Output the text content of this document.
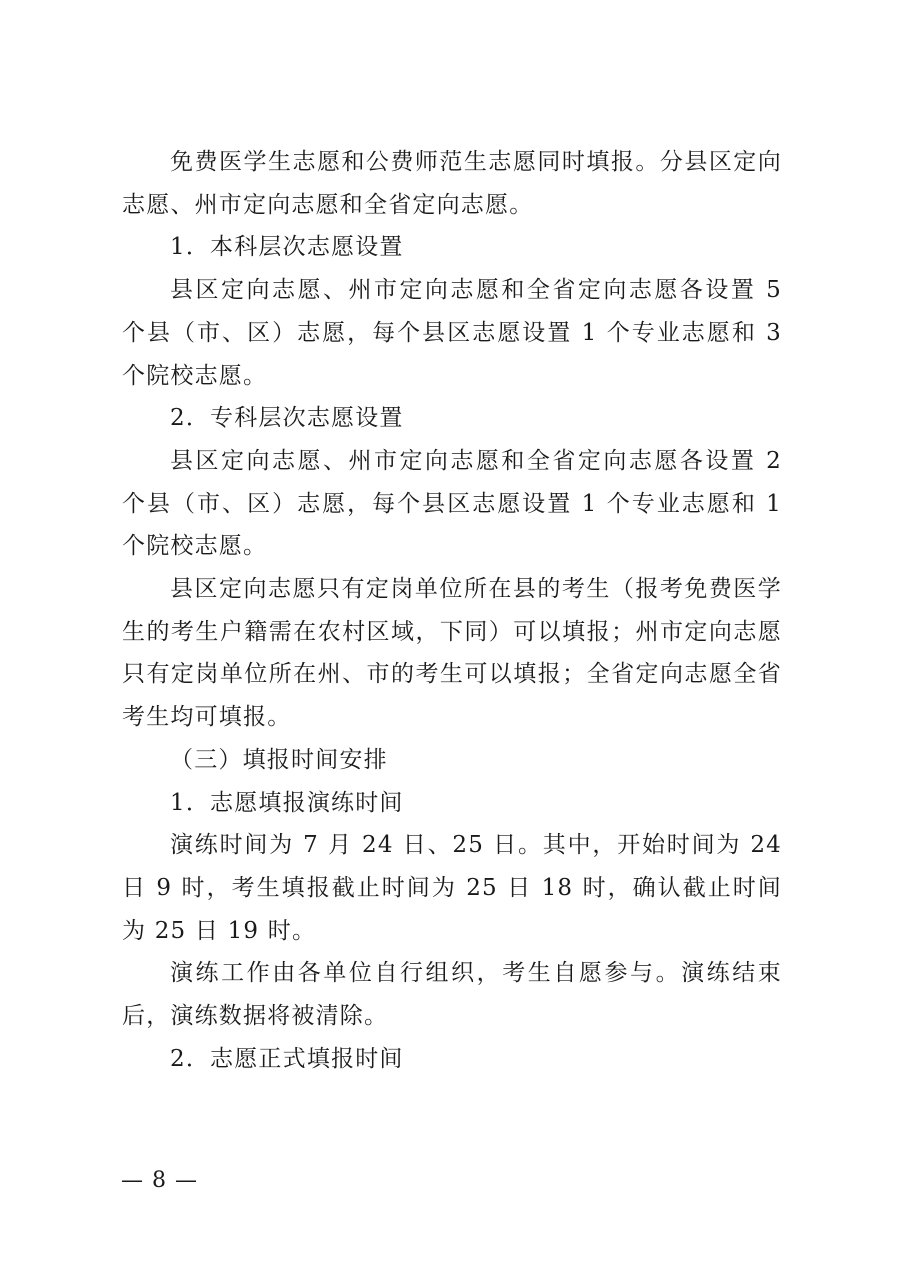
免费医学生志愿和公费师范生志愿同时填报。分县区定向志愿、州市定向志愿和全省定向志愿。

1．本科层次志愿设置

县区定向志愿、州市定向志愿和全省定向志愿各设置 5 个县（市、区）志愿，每个县区志愿设置 1 个专业志愿和 3 个院校志愿。

2．专科层次志愿设置

县区定向志愿、州市定向志愿和全省定向志愿各设置 2 个县（市、区）志愿，每个县区志愿设置 1 个专业志愿和 1 个院校志愿。

县区定向志愿只有定岗单位所在县的考生（报考免费医学生的考生户籍需在农村区域，下同）可以填报；州市定向志愿只有定岗单位所在州、市的考生可以填报；全省定向志愿全省考生均可填报。

（三）填报时间安排

1．志愿填报演练时间

演练时间为 7 月 24 日、25 日。其中，开始时间为 24 日 9 时，考生填报截止时间为 25 日 18 时，确认截止时间为 25 日 19 时。

演练工作由各单位自行组织，考生自愿参与。演练结束后，演练数据将被清除。

2．志愿正式填报时间

— 8 —
